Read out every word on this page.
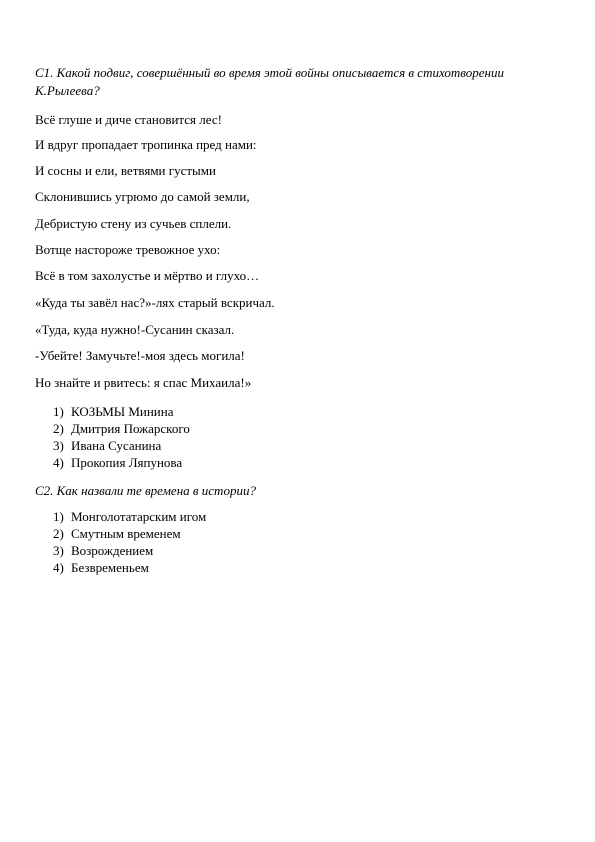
С1. Какой подвиг, совершённый во время этой войны описывается в стихотворении К.Рылеева?
Всё глуше и диче становится лес!
И вдруг пропадает тропинка пред нами:
И сосны и ели, ветвями густыми
Склонившись угрюмо до самой земли,
Дебристую стену из сучьев сплели.
Вотще настороже тревожное ухо:
Всё в том захолустье и мёртво и глухо…
«Куда ты завёл нас?»-лях старый вскричал.
«Туда, куда нужно!-Сусанин сказал.
-Убейте! Замучьте!-моя здесь могила!
Но знайте и рвитесь: я спас Михаила!»
1) КОЗЬМЫ Минина
2) Дмитрия Пожарского
3) Ивана Сусанина
4) Прокопия Ляпунова
С2. Как назвали те времена в истории?
1) Монголотатарским игом
2) Смутным временем
3) Возрождением
4) Безвременьем
